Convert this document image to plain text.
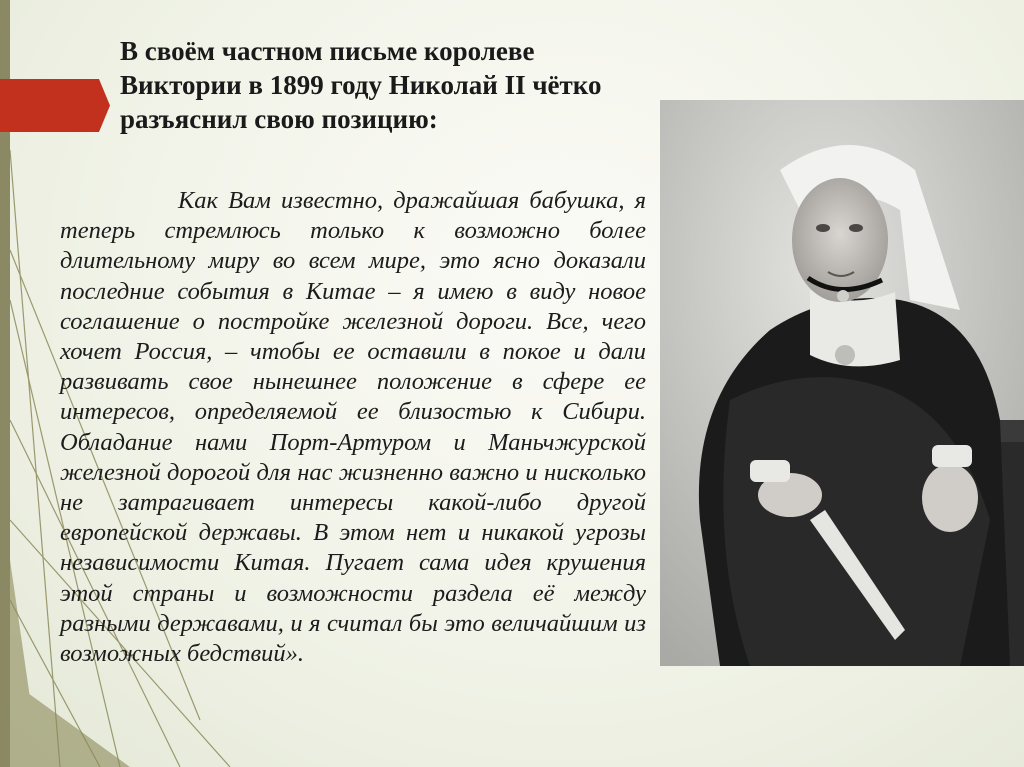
В своём частном письме королеве Виктории в 1899 году Николай II чётко разъяснил свою позицию:

Как Вам известно, дражайшая бабушка, я теперь стремлюсь только к возможно более длительному миру во всем мире, это ясно доказали последние события в Китае – я имею в виду новое соглашение о постройке железной дороги. Все, чего хочет Россия, – чтобы ее оставили в покое и дали развивать свое нынешнее положение в сфере ее интересов, определяемой ее близостью к Сибири. Обладание нами Порт-Артуром и Маньчжурской железной дорогой для нас жизненно важно и нисколько не затрагивает интересы какой-либо другой европейской державы. В этом нет и никакой угрозы независимости Китая. Пугает сама идея крушения этой страны и возможности раздела её между разными державами, и я считал бы это величайшим из возможных бедствий».
